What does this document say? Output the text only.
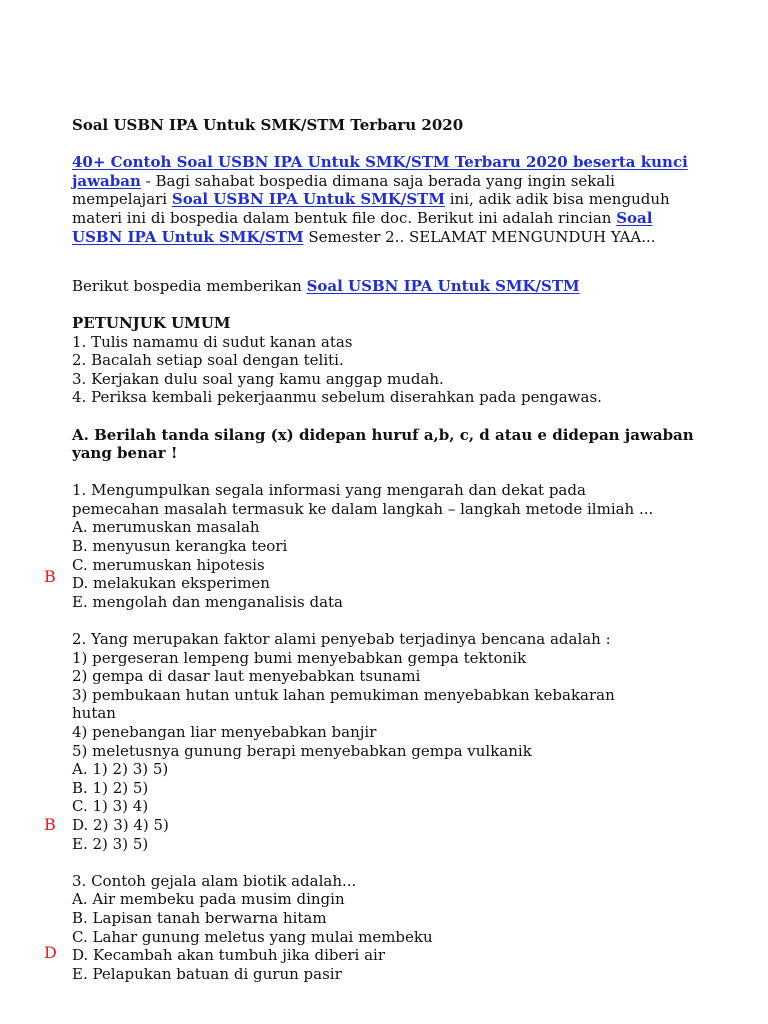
Soal USBN IPA Untuk SMK/STM Terbaru 2020
40+ Contoh Soal USBN IPA Untuk SMK/STM Terbaru 2020 beserta kunci
jawaban - Bagi sahabat bospedia dimana saja berada yang ingin sekali
mempelajari Soal USBN IPA Untuk SMK/STM ini, adik adik bisa menguduh
materi ini di bospedia dalam bentuk file doc. Berikut ini adalah rincian Soal
USBN IPA Untuk SMK/STM Semester 2.. SELAMAT MENGUNDUH YAA...
Berikut bospedia memberikan Soal USBN IPA Untuk SMK/STM
PETUNJUK UMUM
1. Tulis namamu di sudut kanan atas
2. Bacalah setiap soal dengan teliti.
3. Kerjakan dulu soal yang kamu anggap mudah.
4. Periksa kembali pekerjaanmu sebelum diserahkan pada pengawas.
A. Berilah tanda silang (x) didepan huruf a,b, c, d atau e didepan jawaban
yang benar !
1. Mengumpulkan segala informasi yang mengarah dan dekat pada
pemecahan masalah termasuk ke dalam langkah – langkah metode ilmiah ...
A. merumuskan masalah
B. menyusun kerangka teori
C. merumuskan hipotesis
D. melakukan eksperimen
E. mengolah dan menganalisis data
2. Yang merupakan faktor alami penyebab terjadinya bencana adalah :
1) pergeseran lempeng bumi menyebabkan gempa tektonik
2) gempa di dasar laut menyebabkan tsunami
3) pembukaan hutan untuk lahan pemukiman menyebabkan kebakaran
hutan
4) penebangan liar menyebabkan banjir
5) meletusnya gunung berapi menyebabkan gempa vulkanik
A. 1) 2) 3) 5)
B. 1) 2) 5)
C. 1) 3) 4)
D. 2) 3) 4) 5)
E. 2) 3) 5)
3. Contoh gejala alam biotik adalah...
A. Air membeku pada musim dingin
B. Lapisan tanah berwarna hitam
C. Lahar gunung meletus yang mulai membeku
D. Kecambah akan tumbuh jika diberi air
E. Pelapukan batuan di gurun pasir
B
B
D
